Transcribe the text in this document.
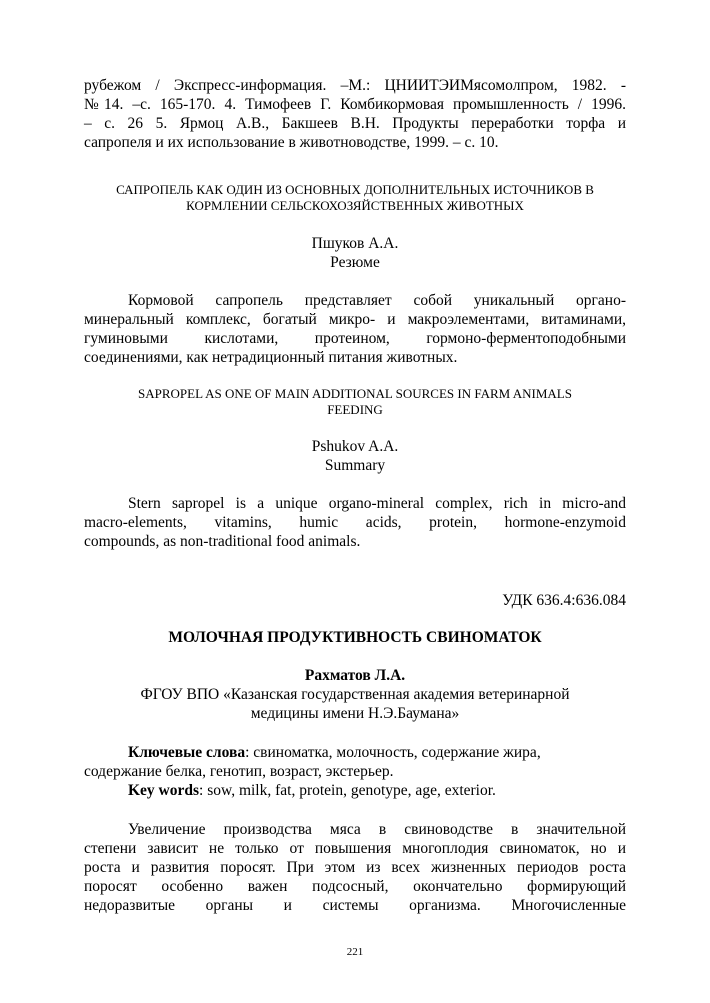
рубежом / Экспресс-информация. –М.: ЦНИИТЭИМясомолпром, 1982. -
№14. –с. 165-170. 4. Тимофеев Г. Комбикормовая промышленность / 1996.
– с. 26 5. Ярмоц А.В., Бакшеев В.Н. Продукты переработки торфа и
сапропеля и их использование в животноводстве, 1999. – с. 10.
САПРОПЕЛЬ КАК ОДИН ИЗ ОСНОВНЫХ ДОПОЛНИТЕЛЬНЫХ ИСТОЧНИКОВ В
КОРМЛЕНИИ СЕЛЬСКОХОЗЯЙСТВЕННЫХ ЖИВОТНЫХ
Пшуков А.А.
Резюме
Кормовой сапропель представляет собой уникальный органо-
минеральный комплекс, богатый микро- и макроэлементами, витаминами,
гуминовыми кислотами, протеином, гормоно-ферментоподобными
соединениями, как нетрадиционный питания животных.
SAPROPEL AS ONE OF MAIN ADDITIONAL SOURCES IN FARM ANIMALS
FEEDING
Pshukov A.A.
Summary
Stern sapropel is a unique organo-mineral complex, rich in micro-and
macro-elements, vitamins, humic acids, protein, hormone-enzymoid
compounds, as non-traditional food animals.
УДК 636.4:636.084
МОЛОЧНАЯ ПРОДУКТИВНОСТЬ СВИНОМАТОК
Рахматов Л.А.
ФГОУ ВПО «Казанская государственная академия ветеринарной
медицины имени Н.Э.Баумана»
Ключевые слова: свиноматка, молочность, содержание жира,
содержание белка, генотип, возраст, экстерьер.
Key words: sow, milk, fat, protein, genotype, age, exterior.
Увеличение производства мяса в свиноводстве в значительной
степени зависит не только от повышения многоплодия свиноматок, но и
роста и развития поросят. При этом из всех жизненных периодов роста
поросят особенно важен подсосный, окончательно формирующий
недоразвитые органы и системы организма. Многочисленные
221
